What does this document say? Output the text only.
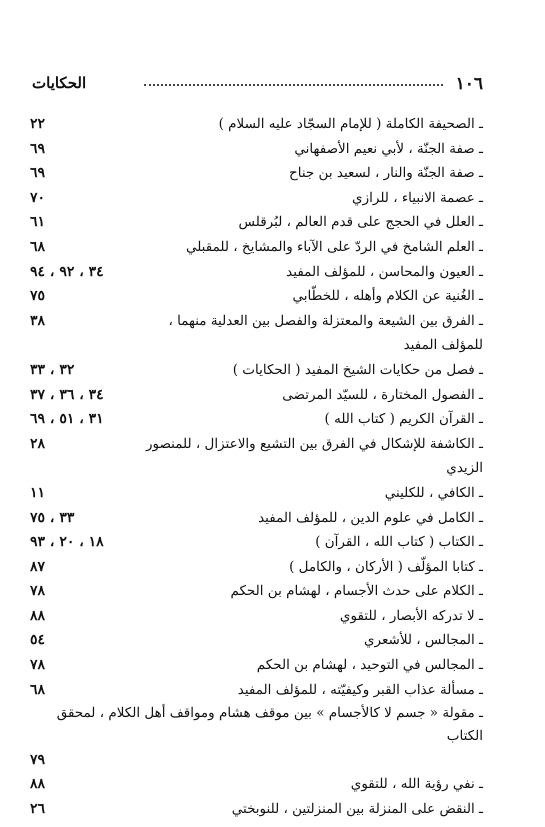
١٠٦
الحكايات
ـ الصحيفة الكاملة ( للإمام السجّاد عليه السلام )
٢٢
ـ صفة الجنّة ، لأبي نعيم الأصفهاني
٦٩
ـ صفة الجنّة والنار ، لسعيد بن جناح
٦٩
ـ عصمة الانبياء ، للرازي
٧٠
ـ العلل في الحجج على قدم العالم ، لبُرقلس
٦١
ـ العلم الشامخ في الردّ على الآباء والمشايخ ، للمقبلي
٦٨
ـ العيون والمحاسن ، للمؤلف المفيد
٣٤ ، ٩٢ ، ٩٤
ـ الغُنية عن الكلام وأهله ، للخطّابي
٧٥
ـ الفرق بين الشيعة والمعتزلة والفصل بين العدلية منهما ، للمؤلف المفيد
٣٨
ـ فصل من حكايات الشيخ المفيد ( الحكايات )
٣٢ ، ٣٣
ـ الفصول المختارة ، للسيّد المرتضى
٣٤ ، ٣٦ ، ٣٧
ـ القرآن الكريم ( كتاب الله )
٣١ ، ٥١ ، ٦٩
ـ الكاشفة للإشكال في الفرق بين التشيع والاعتزال ، للمنصور الزيدي
٢٨
ـ الكافي ، للكليني
١١
ـ الكامل في علوم الدين ، للمؤلف المفيد
٣٣ ، ٧٥
ـ الكتاب ( كتاب الله ، القرآن )
١٨ ، ٢٠ ، ٩٣
ـ كتابا المؤلّف ( الأركان ، والكامل )
٨٧
ـ الكلام على حدث الأجسام ، لهشام بن الحكم
٧٨
ـ لا تدركه الأبصار ، للتقوي
٨٨
ـ المجالس ، للأشعري
٥٤
ـ المجالس في التوحيد ، لهشام بن الحكم
٧٨
ـ مسألة عذاب القبر وكيفيّته ، للمؤلف المفيد
٦٨
ـ مقولة « جسم لا كالأجسام » بين موقف هشام ومواقف أهل الكلام ، لمحقق الكتاب
٧٩
ـ نفي رؤية الله ، للتقوي
٨٨
ـ النقض على المنزلة بين المنزلتين ، للنوبختي
٢٦
